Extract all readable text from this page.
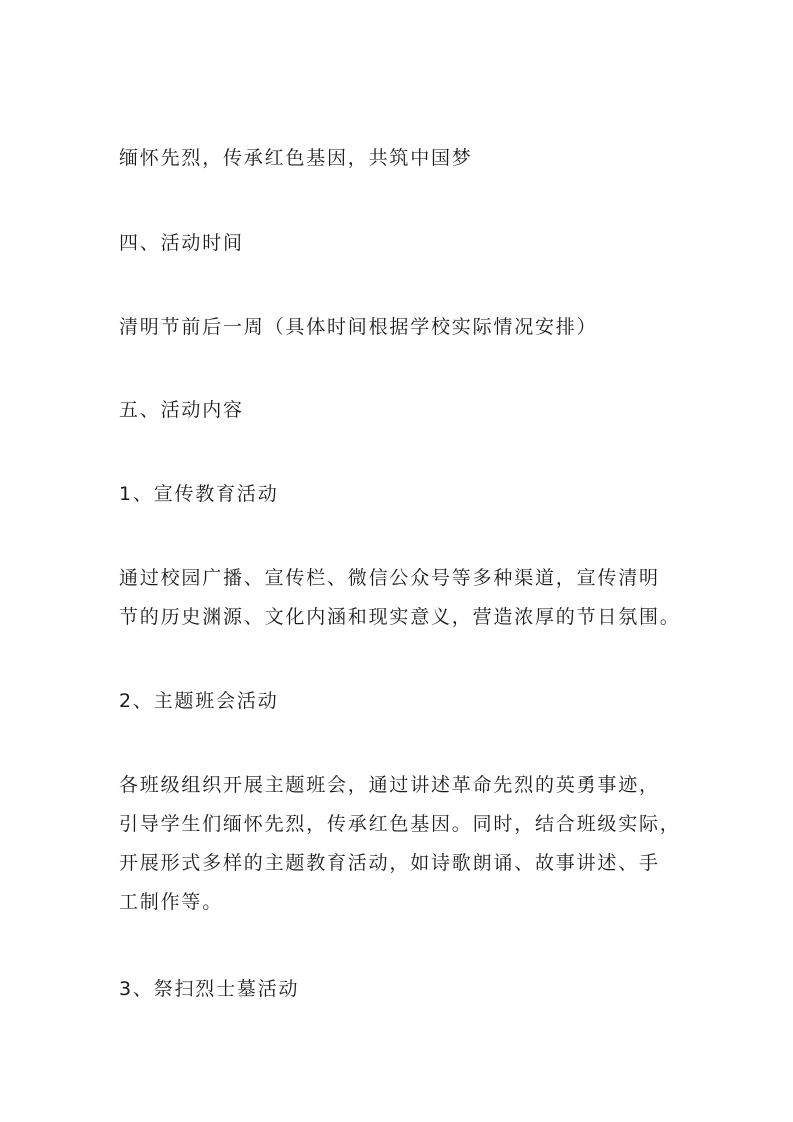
缅怀先烈，传承红色基因，共筑中国梦
四、活动时间
清明节前后一周（具体时间根据学校实际情况安排）
五、活动内容
1、宣传教育活动
通过校园广播、宣传栏、微信公众号等多种渠道，宣传清明
节的历史渊源、文化内涵和现实意义，营造浓厚的节日氛围。
2、主题班会活动
各班级组织开展主题班会，通过讲述革命先烈的英勇事迹，
引导学生们缅怀先烈，传承红色基因。同时，结合班级实际，
开展形式多样的主题教育活动，如诗歌朗诵、故事讲述、手
工制作等。
3、祭扫烈士墓活动
